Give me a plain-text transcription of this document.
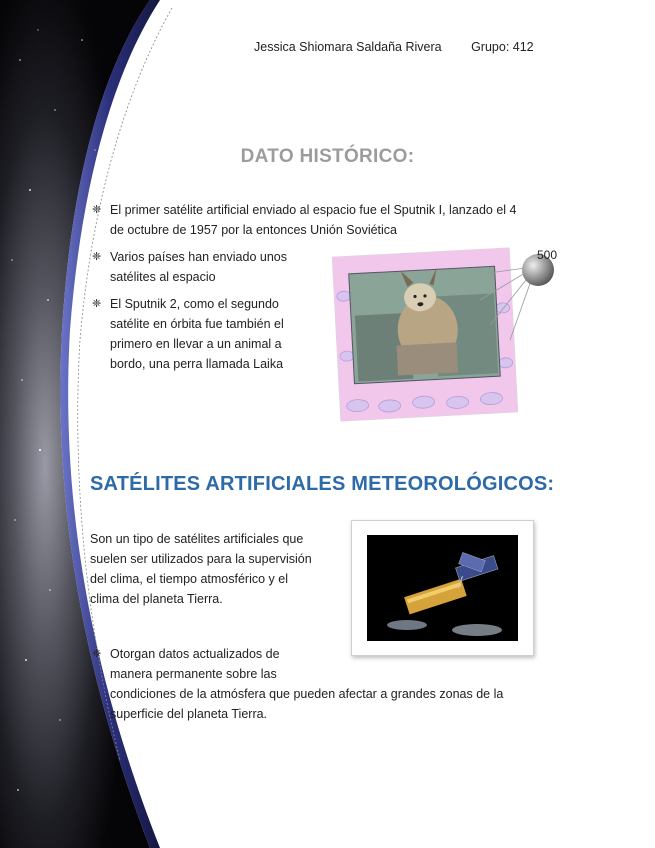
Jessica Shiomara Saldaña Rivera Grupo: 412
DATO HISTÓRICO:
❈ El primer satélite artificial enviado al espacio fue el Sputnik I, lanzado el 4
de octubre de 1957 por la entonces Unión Soviética
❈ Varios países han enviado unos
satélites al espacio
❈ El Sputnik 2, como el segundo
satélite en órbita fue también el
primero en llevar a un animal a
bordo, una perra llamada Laika
500
SATÉLITES ARTIFICIALES METEOROLÓGICOS:
Son un tipo de satélites artificiales que
suelen ser utilizados para la supervisión
del clima, el tiempo atmosférico y el
clima del planeta Tierra.
❈ Otorgan datos actualizados de
manera permanente sobre las
condiciones de la atmósfera que pueden afectar a grandes zonas de la
superficie del planeta Tierra.
